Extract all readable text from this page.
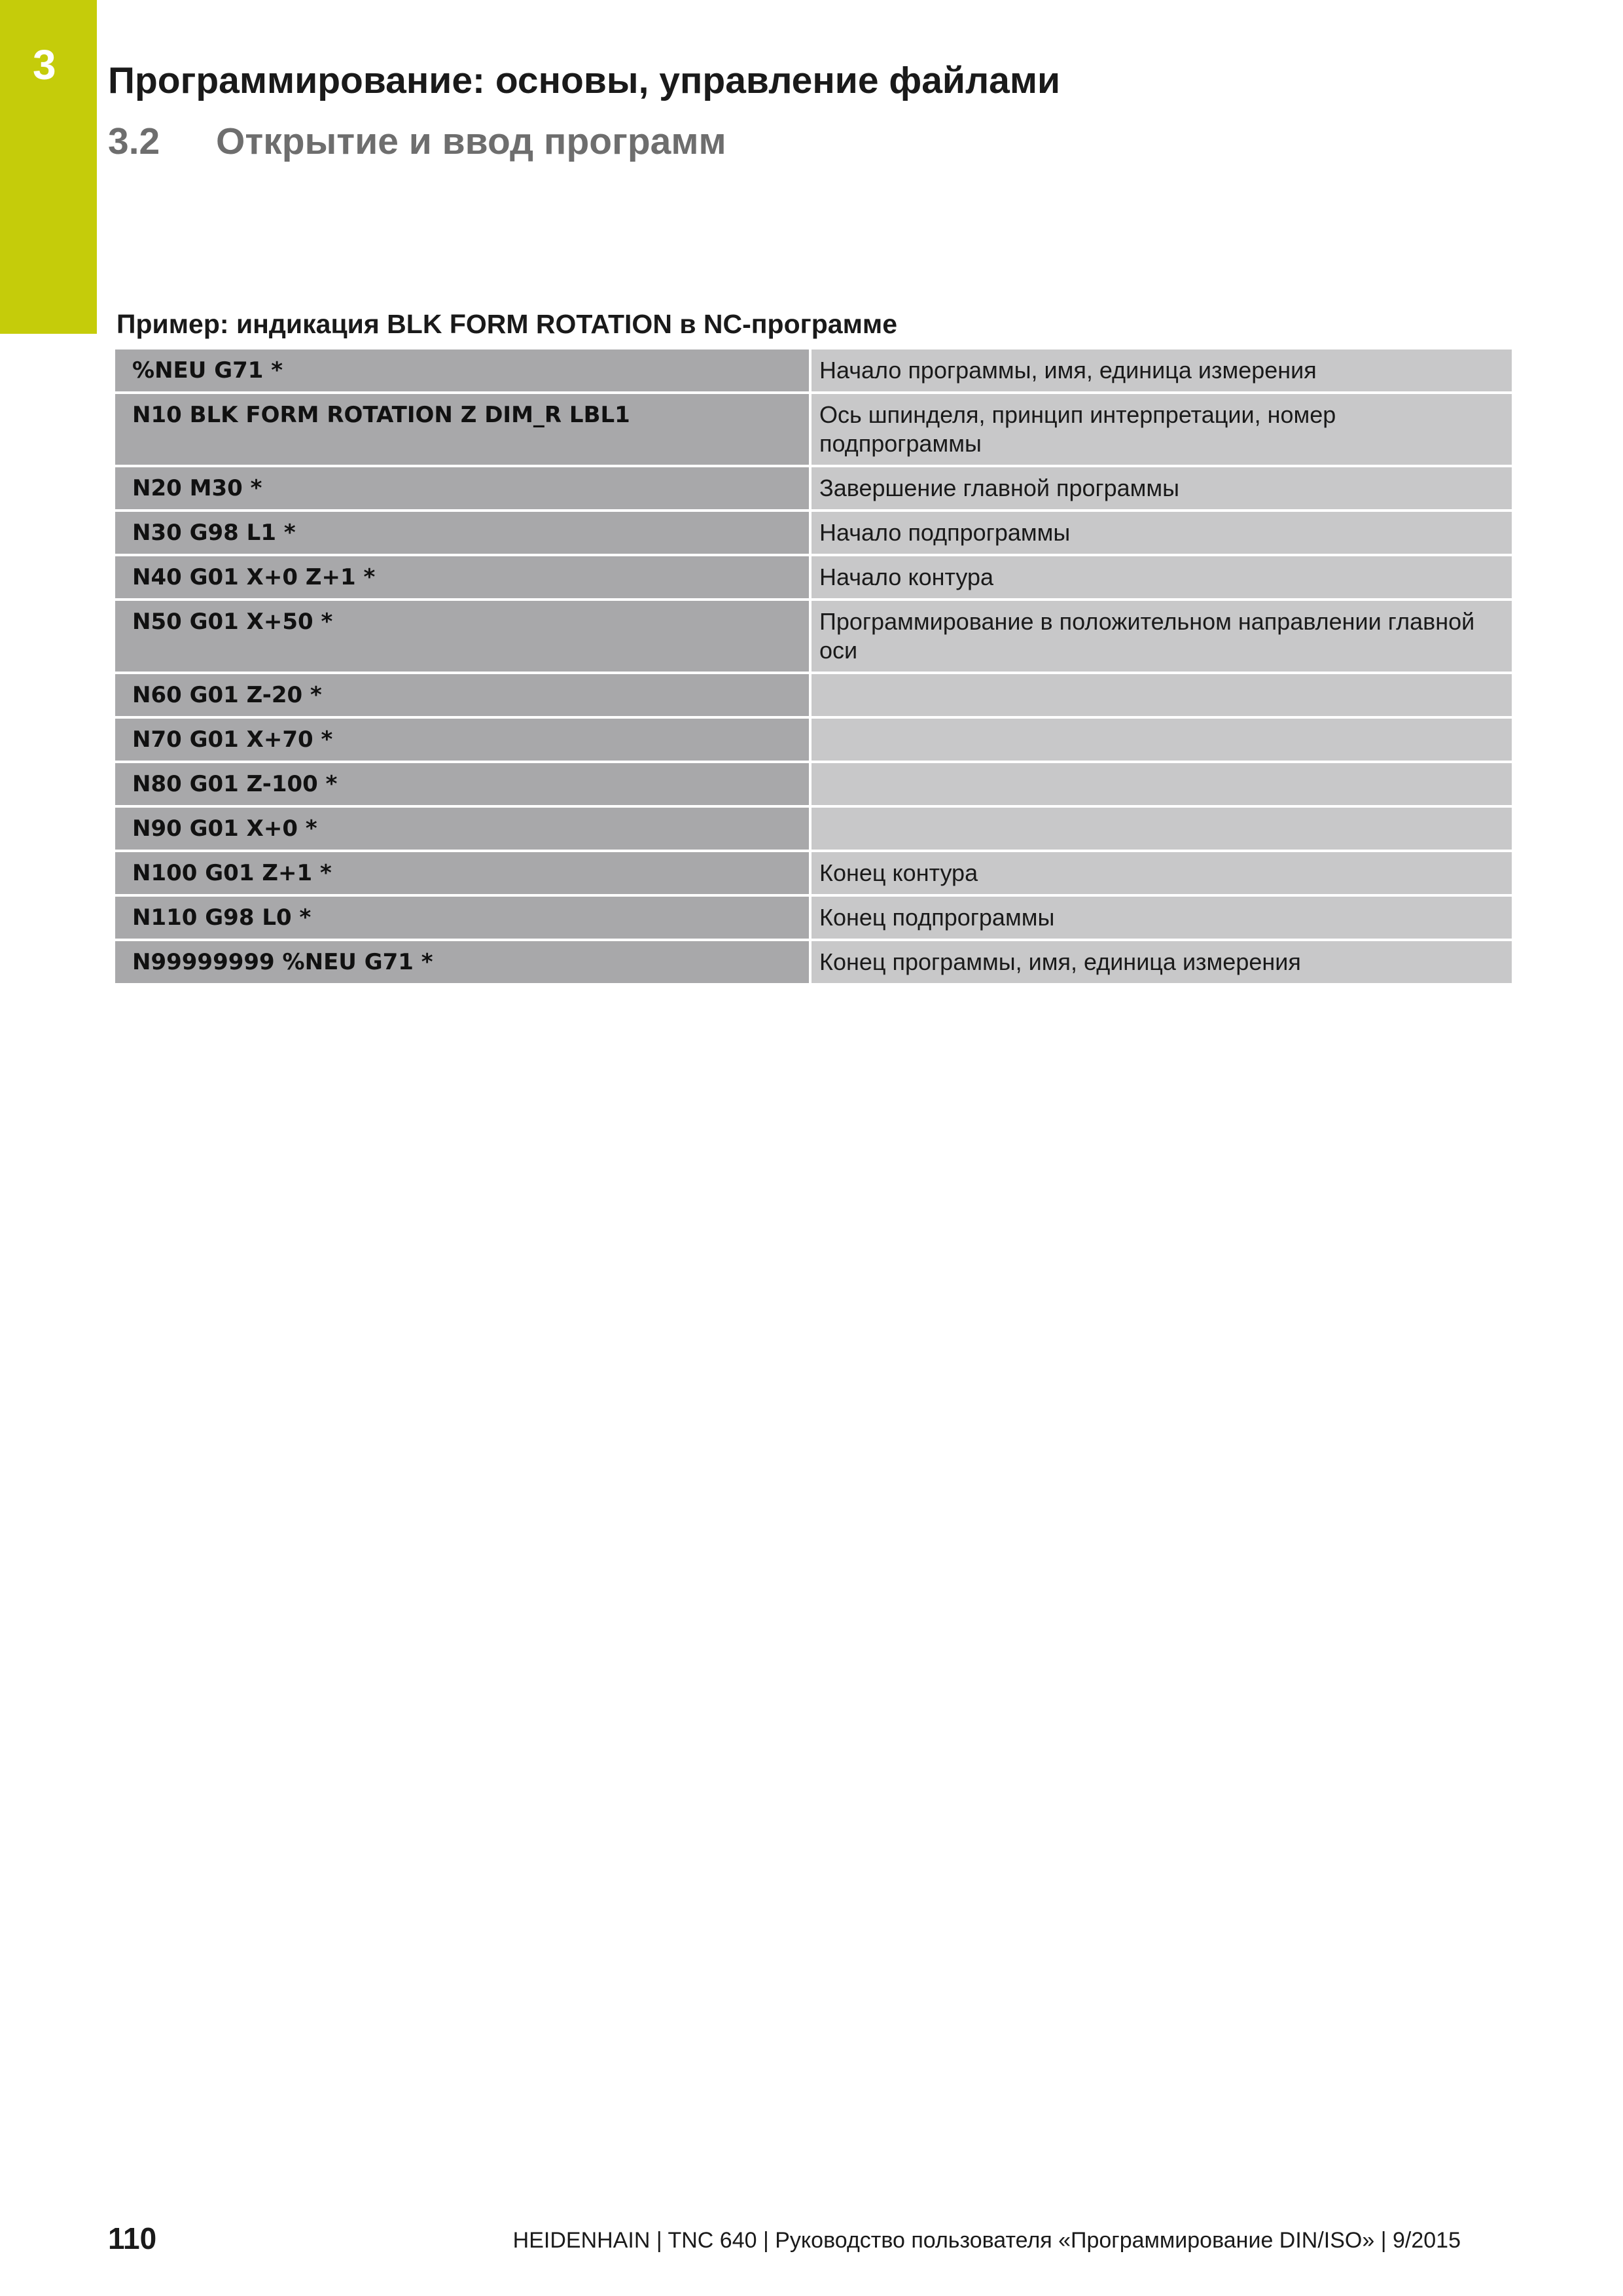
3 Программирование: основы, управление файлами
3.2 Открытие и ввод программ
Пример: индикация BLK FORM ROTATION в NC-программе
%NEU G71 *	Начало программы, имя, единица измерения
N10 BLK FORM ROTATION Z DIM_R LBL1	Ось шпинделя, принцип интерпретации, номер подпрограммы
N20 M30 *	Завершение главной программы
N30 G98 L1 *	Начало подпрограммы
N40 G01 X+0 Z+1 *	Начало контура
N50 G01 X+50 *	Программирование в положительном направлении главной оси
N60 G01 Z-20 *
N70 G01 X+70 *
N80 G01 Z-100 *
N90 G01 X+0 *
N100 G01 Z+1 *	Конец контура
N110 G98 L0 *	Конец подпрограммы
N99999999 %NEU G71 *	Конец программы, имя, единица измерения
110	HEIDENHAIN | TNC 640 | Руководство пользователя «Программирование DIN/ISO» | 9/2015
